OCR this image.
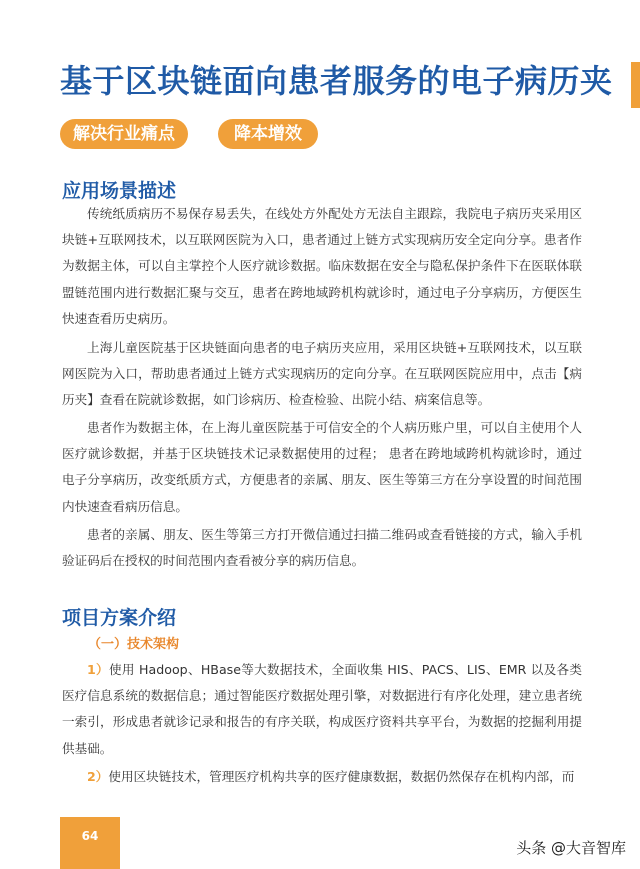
基于区块链面向患者服务的电子病历夹
解决行业痛点	降本增效
应用场景描述

传统纸质病历不易保存易丢失，在线处方外配处方无法自主跟踪，我院电子病历夹采用区块链+互联网技术，以互联网医院为入口，患者通过上链方式实现病历安全定向分享。患者作为数据主体，可以自主掌控个人医疗就诊数据。临床数据在安全与隐私保护条件下在医联体联盟链范围内进行数据汇聚与交互，患者在跨地域跨机构就诊时，通过电子分享病历，方便医生快速查看历史病历。

上海儿童医院基于区块链面向患者的电子病历夹应用，采用区块链+互联网技术，以互联网医院为入口，帮助患者通过上链方式实现病历的定向分享。在互联网医院应用中，点击【病历夹】查看在院就诊数据，如门诊病历、检查检验、出院小结、病案信息等。

患者作为数据主体，在上海儿童医院基于可信安全的个人病历账户里，可以自主使用个人医疗就诊数据，并基于区块链技术记录数据使用的过程； 患者在跨地域跨机构就诊时，通过电子分享病历，改变纸质方式，方便患者的亲属、朋友、医生等第三方在分享设置的时间范围内快速查看病历信息。

患者的亲属、朋友、医生等第三方打开微信通过扫描二维码或查看链接的方式，输入手机验证码后在授权的时间范围内查看被分享的病历信息。

项目方案介绍
（一）技术架构

1）使用 Hadoop、HBase等大数据技术，全面收集 HIS、PACS、LIS、EMR 以及各类医疗信息系统的数据信息；通过智能医疗数据处理引擎，对数据进行有序化处理，建立患者统一索引，形成患者就诊记录和报告的有序关联，构成医疗资料共享平台，为数据的挖掘利用提供基础。

2）使用区块链技术，管理医疗机构共享的医疗健康数据，数据仍然保存在机构内部，而

64
头条 @大音智库
